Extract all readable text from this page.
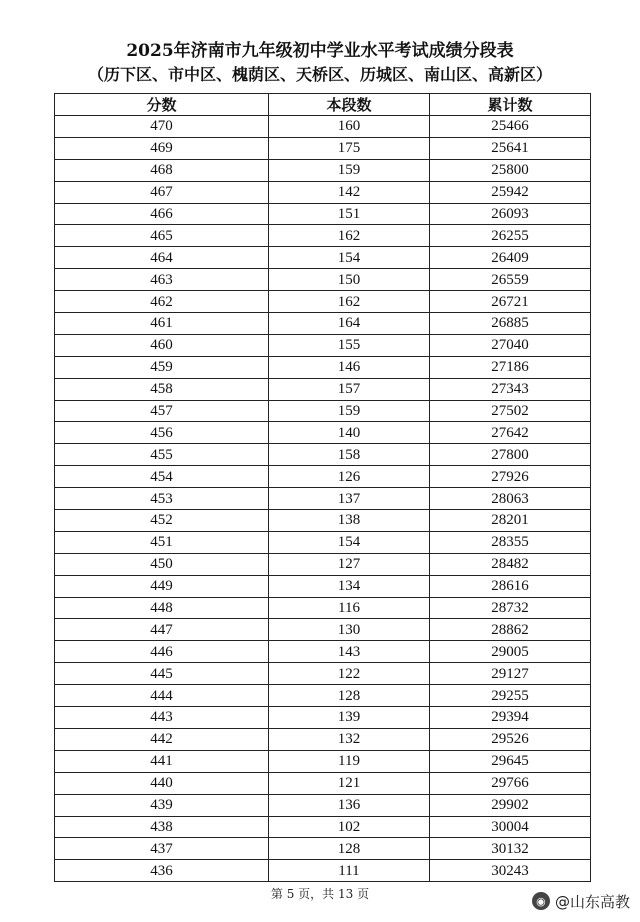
2025年济南市九年级初中学业水平考试成绩分段表
（历下区、市中区、槐荫区、天桥区、历城区、南山区、高新区）
分数	本段数	累计数
470	160	25466
469	175	25641
468	159	25800
467	142	25942
466	151	26093
465	162	26255
464	154	26409
463	150	26559
462	162	26721
461	164	26885
460	155	27040
459	146	27186
458	157	27343
457	159	27502
456	140	27642
455	158	27800
454	126	27926
453	137	28063
452	138	28201
451	154	28355
450	127	28482
449	134	28616
448	116	28732
447	130	28862
446	143	29005
445	122	29127
444	128	29255
443	139	29394
442	132	29526
441	119	29645
440	121	29766
439	136	29902
438	102	30004
437	128	30132
436	111	30243
第 5 页，共 13 页	◉ @山东高教
